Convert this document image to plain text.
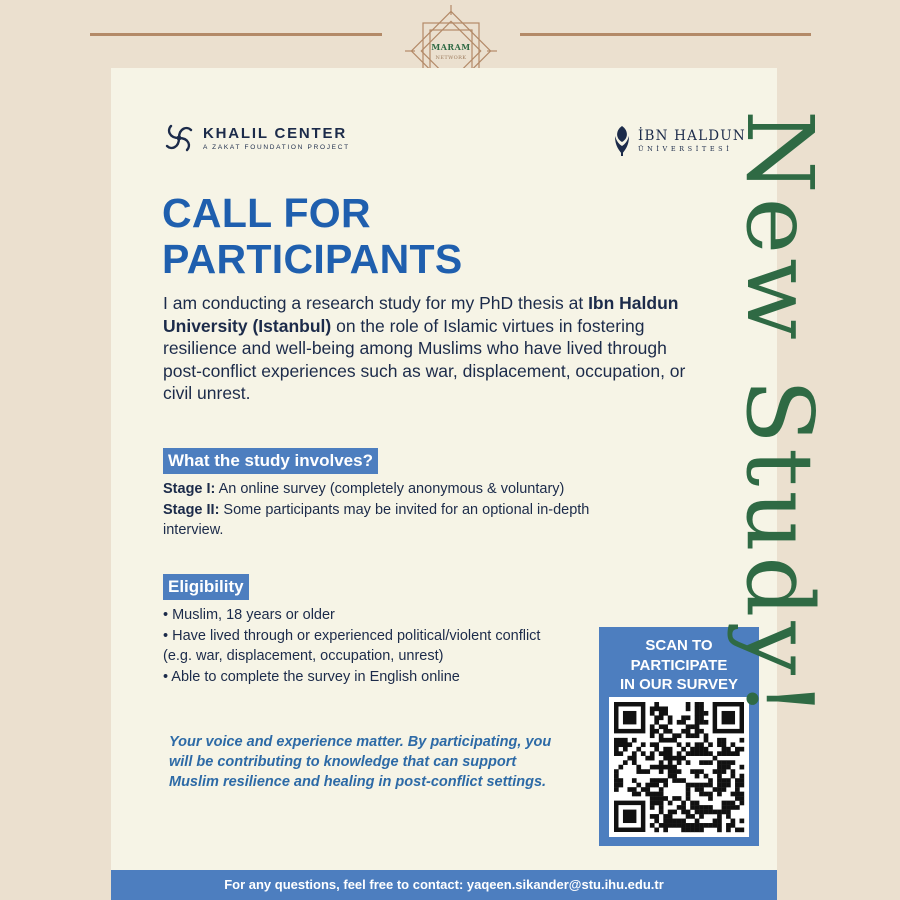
MARAM
NETWORK
KHALIL CENTER
A ZAKAT FOUNDATION PROJECT
İBN HALDUN
ÜNİVERSİTESİ
CALL FOR
PARTICIPANTS

I am conducting a research study for my PhD thesis at Ibn Haldun University (Istanbul) on the role of Islamic virtues in fostering resilience and well-being among Muslims who have lived through post-conflict experiences such as war, displacement, occupation, or civil unrest.

What the study involves?
Stage I: An online survey (completely anonymous & voluntary)
Stage II: Some participants may be invited for an optional in-depth interview.
Eligibility
• Muslim, 18 years or older
• Have lived through or experienced political/violent conflict (e.g. war, displacement, occupation, unrest)
• Able to complete the survey in English online

Your voice and experience matter. By participating, you will be contributing to knowledge that can support Muslim resilience and healing in post-conflict settings.

SCAN TO
PARTICIPATE
IN OUR SURVEY
For any questions, feel free to contact: yaqeen.sikander@stu.ihu.edu.tr
New Study!
